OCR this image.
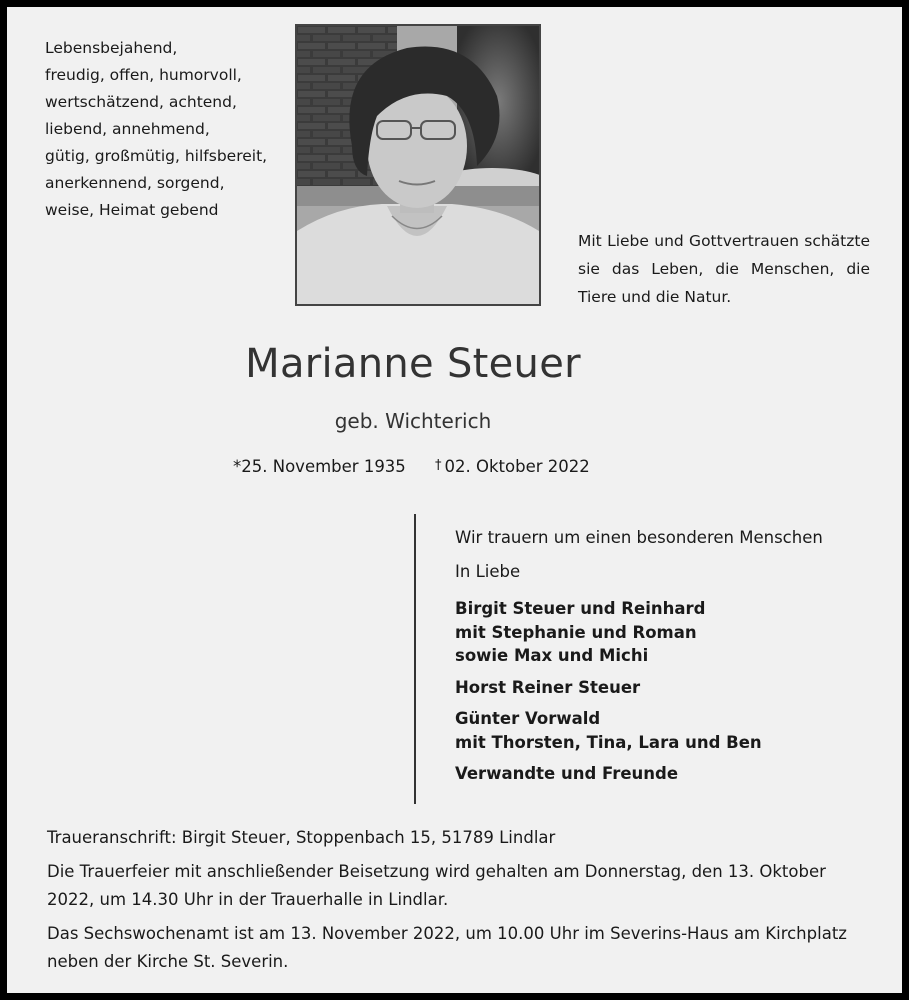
Lebensbejahend,
freudig, offen, humorvoll,
wertschätzend, achtend,
liebend, annehmend,
gütig, großmütig, hilfsbereit,
anerkennend, sorgend,
weise, Heimat gebend
Mit Liebe und Gottvertrauen schätzte sie das Leben, die Menschen, die Tiere und die Natur.
Marianne Steuer
geb. Wichterich
*25. November 1935 † 02. Oktober 2022
Wir trauern um einen besonderen Menschen
In Liebe
Birgit Steuer und Reinhard
mit Stephanie und Roman
sowie Max und Michi
Horst Reiner Steuer
Günter Vorwald
mit Thorsten, Tina, Lara und Ben
Verwandte und Freunde

Traueranschrift: Birgit Steuer, Stoppenbach 15, 51789 Lindlar

Die Trauerfeier mit anschließender Beisetzung wird gehalten am Donnerstag, den 13. Oktober 2022, um 14.30 Uhr in der Trauerhalle in Lindlar.

Das Sechswochenamt ist am 13. November 2022, um 10.00 Uhr im Severins-Haus am Kirchplatz neben der Kirche St. Severin.
